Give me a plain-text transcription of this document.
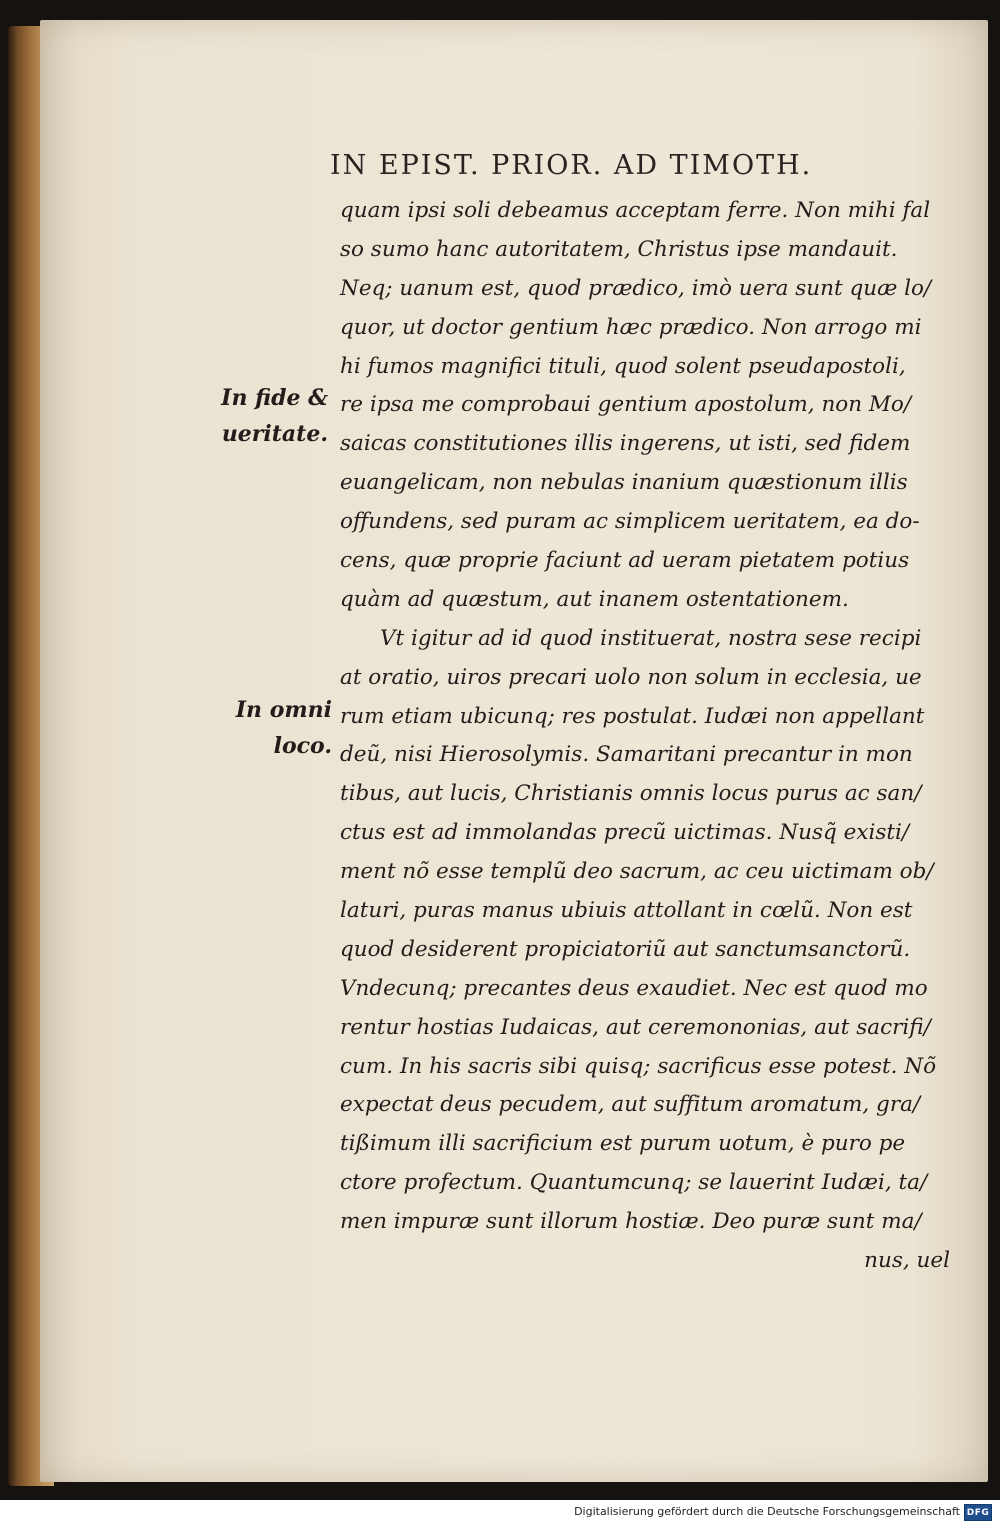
IN EPIST. PRIOR. AD TIMOTH.
In fide &
ueritate.
In omni
loco.
quam ipsi soli debeamus acceptam ferre. Non mihi fal
so sumo hanc autoritatem, Christus ipse mandauit.
Neq; uanum est, quod prædico, imò uera sunt quæ lo/
quor, ut doctor gentium hæc prædico. Non arrogo mi
hi fumos magnifici tituli, quod solent pseudapostoli,
re ipsa me comprobaui gentium apostolum, non Mo/
saicas constitutiones illis ingerens, ut isti, sed fidem
euangelicam, non nebulas inanium quæstionum illis
offundens, sed puram ac simplicem ueritatem, ea do-
cens, quæ proprie faciunt ad ueram pietatem potius
quàm ad quæstum, aut inanem ostentationem.
Vt igitur ad id quod instituerat, nostra sese recipi
at oratio, uiros precari uolo non solum in ecclesia, ue
rum etiam ubicunq; res postulat. Iudæi non appellant
deũ, nisi Hierosolymis. Samaritani precantur in mon
tibus, aut lucis, Christianis omnis locus purus ac san/
ctus est ad immolandas precũ uictimas. Nusq̃ existi/
ment nõ esse templũ deo sacrum, ac ceu uictimam ob/
laturi, puras manus ubiuis attollant in cœlũ. Non est
quod desiderent propiciatoriũ aut sanctumsanctorũ.
Vndecunq; precantes deus exaudiet. Nec est quod mo
rentur hostias Iudaicas, aut ceremononias, aut sacrifi/
cum. In his sacris sibi quisq; sacrificus esse potest. Nõ
expectat deus pecudem, aut suffitum aromatum, gra/
tißimum illi sacrificium est purum uotum, è puro pe
ctore profectum. Quantumcunq; se lauerint Iudæi, ta/
men impuræ sunt illorum hostiæ. Deo puræ sunt ma/
nus, uel
Digitalisierung gefördert durch die Deutsche Forschungsgemeinschaft DFG
